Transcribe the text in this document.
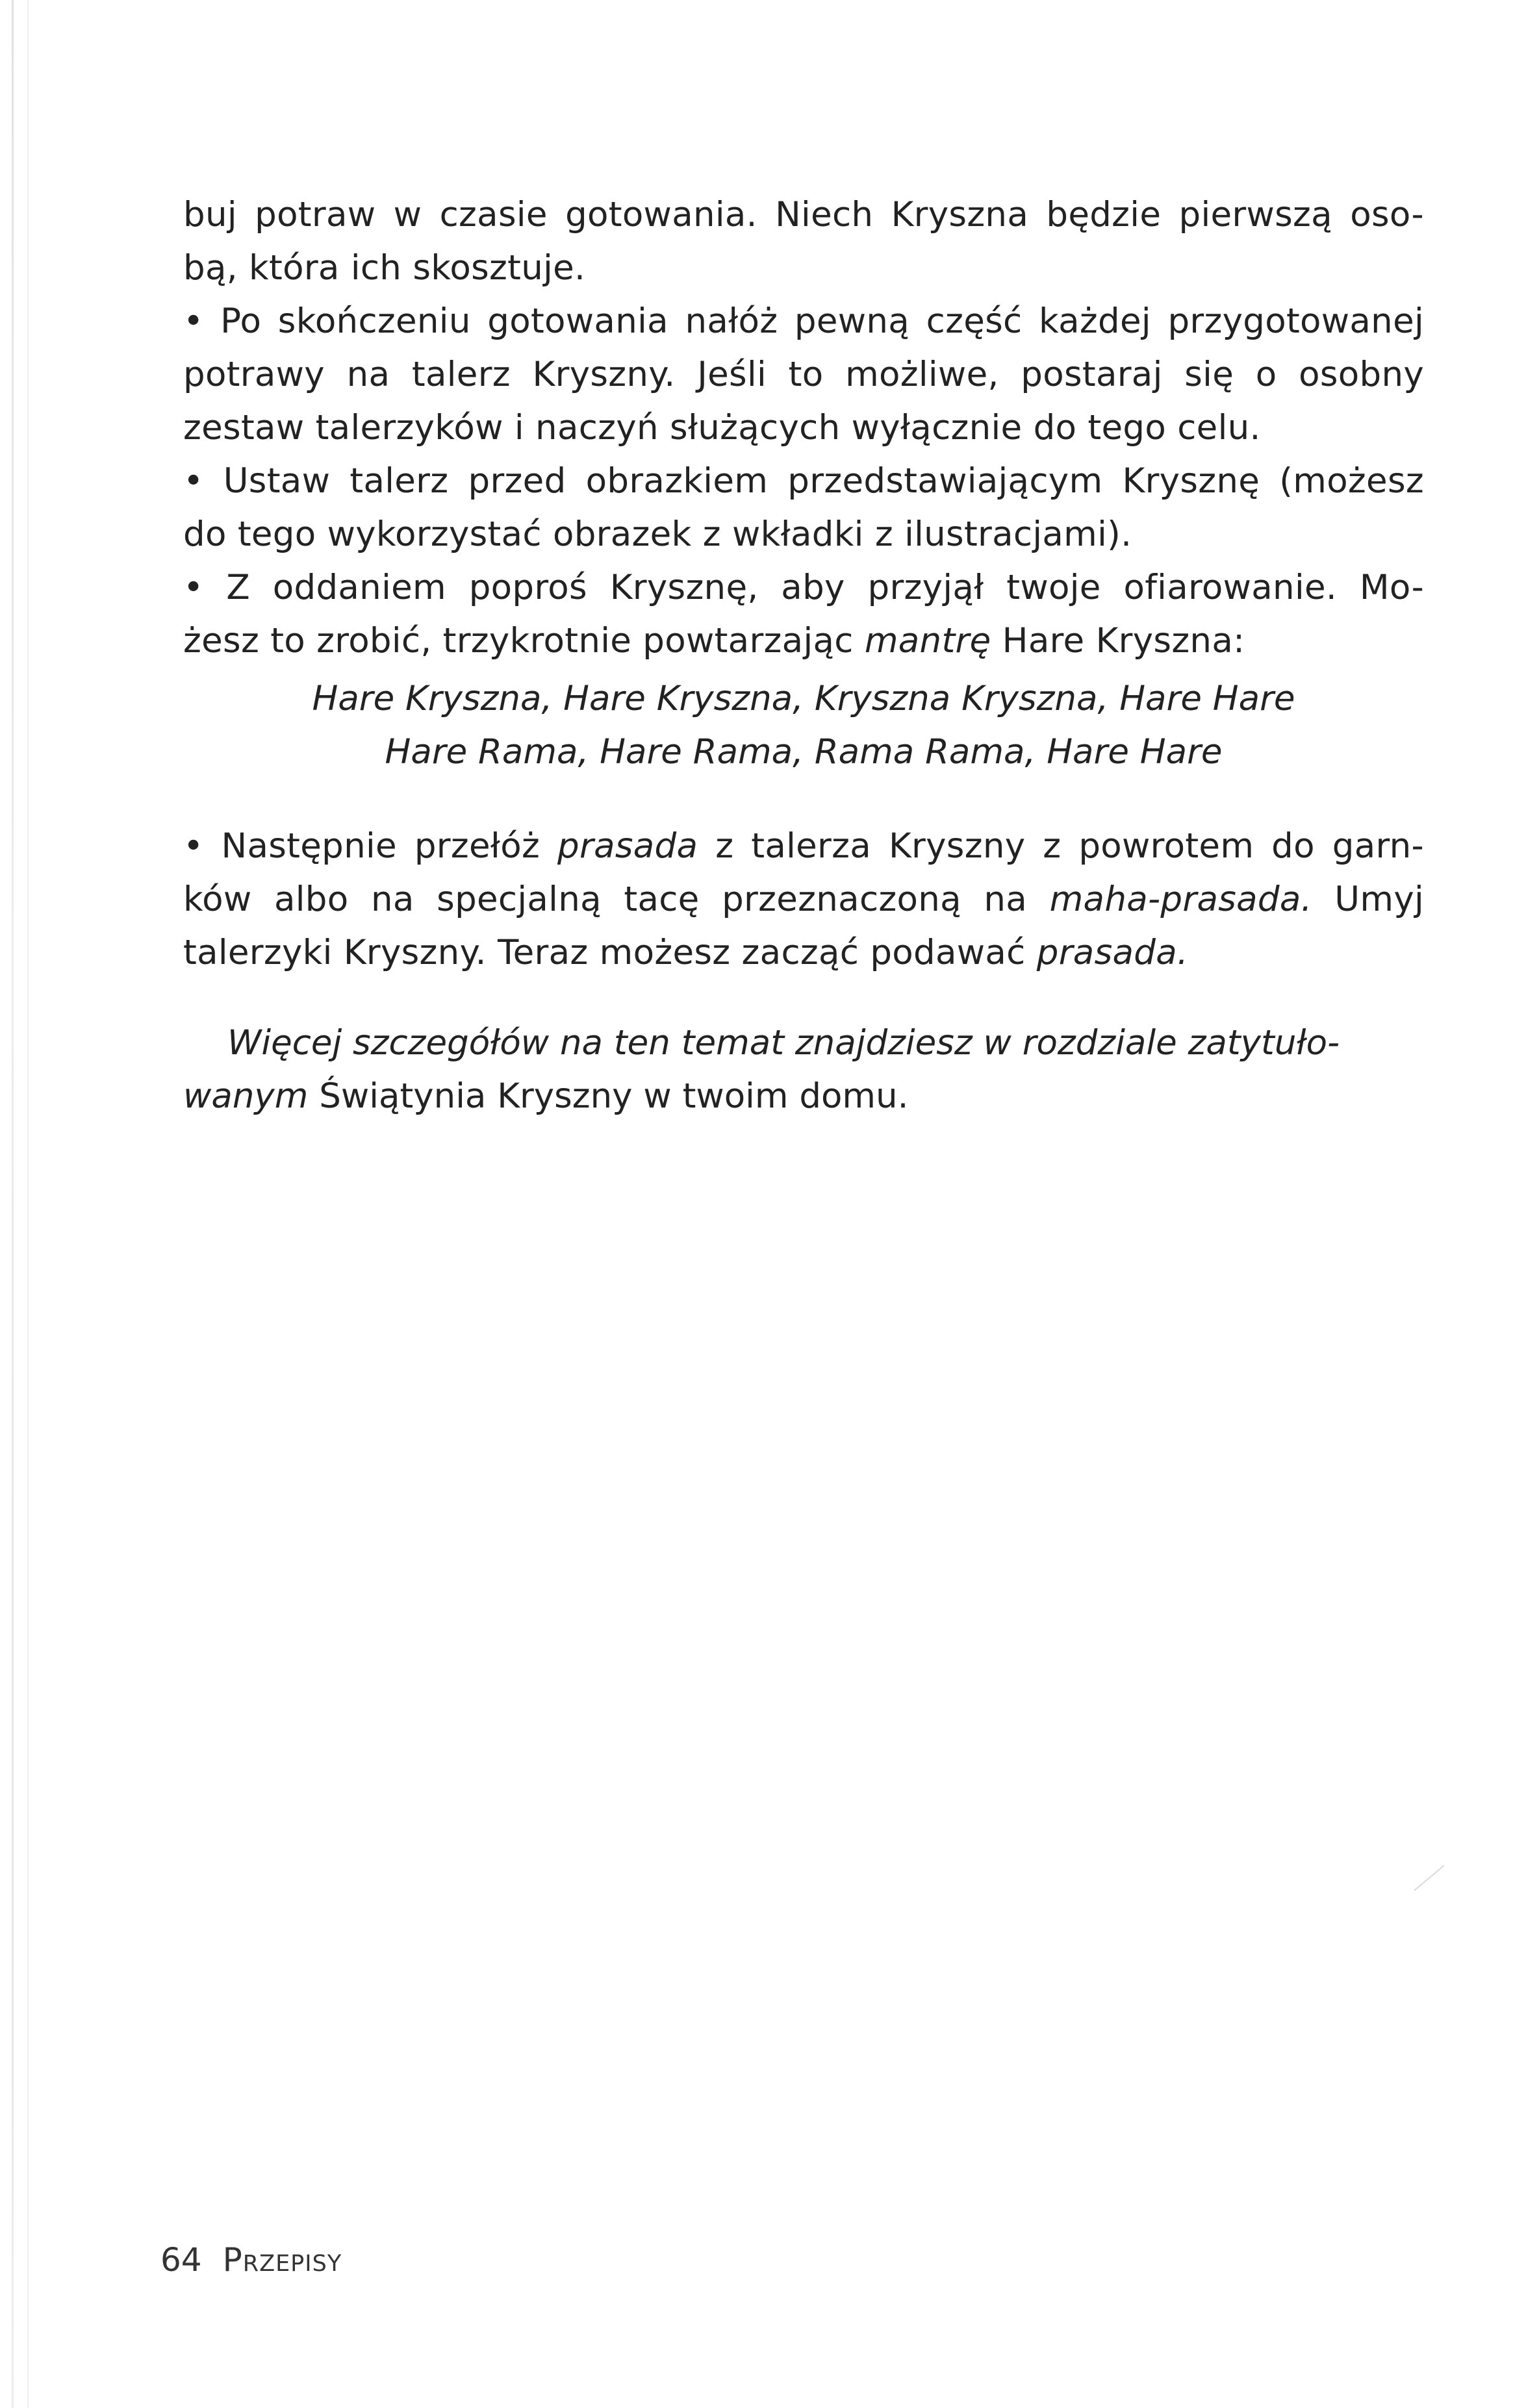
buj potraw w czasie gotowania. Niech Kryszna będzie pierwszą oso-
bą, która ich skosztuje.
• Po skończeniu gotowania nałóż pewną część każdej przygotowanej
potrawy na talerz Kryszny. Jeśli to możliwe, postaraj się o osobny
zestaw talerzyków i naczyń służących wyłącznie do tego celu.
• Ustaw talerz przed obrazkiem przedstawiającym Krysznę (możesz
do tego wykorzystać obrazek z wkładki z ilustracjami).
• Z oddaniem poproś Krysznę, aby przyjął twoje ofiarowanie. Mo-
żesz to zrobić, trzykrotnie powtarzając mantrę Hare Kryszna:
Hare Kryszna, Hare Kryszna, Kryszna Kryszna, Hare Hare
Hare Rama, Hare Rama, Rama Rama, Hare Hare
• Następnie przełóż prasada z talerza Kryszny z powrotem do garn-
ków albo na specjalną tacę przeznaczoną na maha-prasada. Umyj
talerzyki Kryszny. Teraz możesz zacząć podawać prasada.
Więcej szczegółów na ten temat znajdziesz w rozdziale zatytuło-
wanym Świątynia Kryszny w twoim domu.
64 Przepisy
